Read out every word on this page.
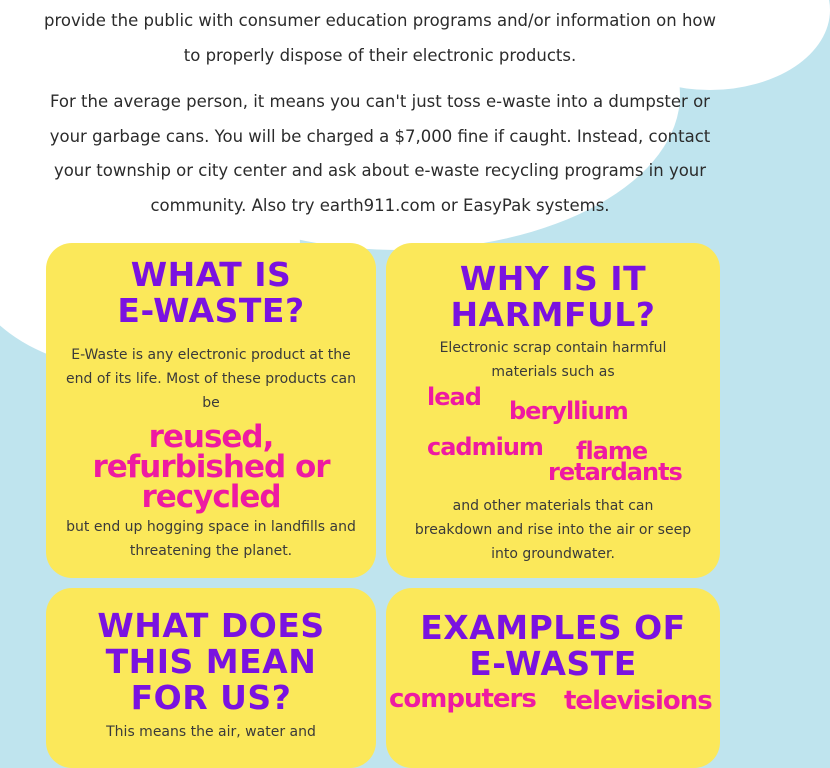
provide the public with consumer education programs and/or information on how to properly dispose of their electronic products.

For the average person, it means you can't just toss e-waste into a dumpster or your garbage cans. You will be charged a $7,000 fine if caught. Instead, contact your township or city center and ask about e-waste recycling programs in your community. Also try earth911.com or EasyPak systems.

WHAT IS
E-WASTE?
E-Waste is any electronic product at the end of its life. Most of these products can be
reused,
refurbished or
recycled
but end up hogging space in landfills and threatening the planet.
WHY IS IT
HARMFUL?
Electronic scrap contain harmful materials such as
lead beryllium
cadmium flame
retardants
and other materials that can breakdown and rise into the air or seep into groundwater.
WHAT DOES
THIS MEAN
FOR US?
This means the air, water and
EXAMPLES OF
E-WASTE
computers televisions
